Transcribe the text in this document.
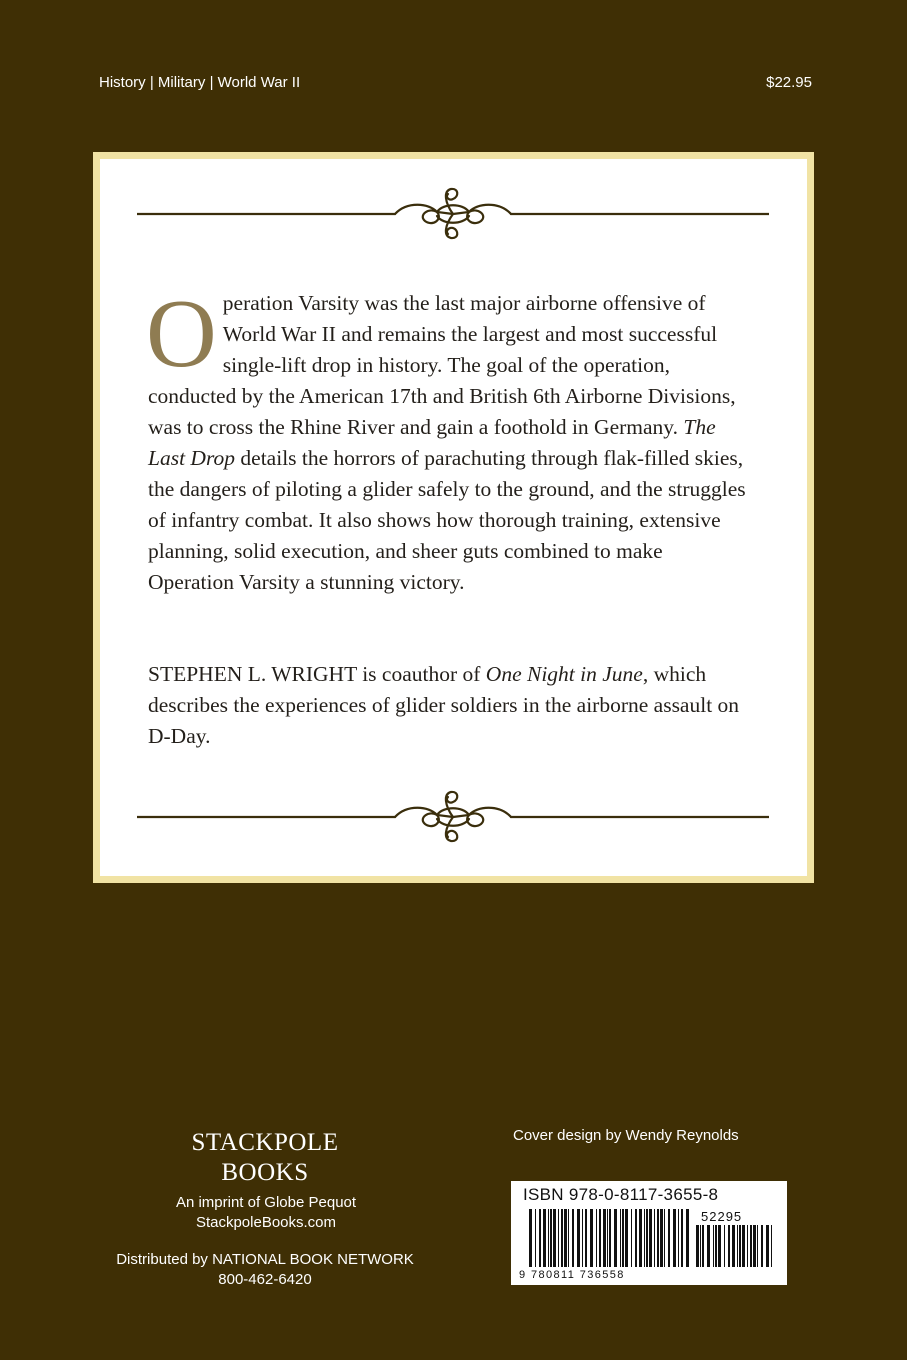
History | Military | World War II	$22.95

Operation Varsity was the last major airborne offensive of World War II and remains the largest and most successful single-lift drop in history. The goal of the operation, conducted by the American 17th and British 6th Airborne Divisions, was to cross the Rhine River and gain a foothold in Germany. The Last Drop details the horrors of parachuting through flak-filled skies, the dangers of piloting a glider safely to the ground, and the struggles of infantry combat. It also shows how thorough training, extensive planning, solid execution, and sheer guts combined to make Operation Varsity a stunning victory.

STEPHEN L. WRIGHT is coauthor of One Night in June, which describes the experiences of glider soldiers in the airborne assault on D-Day.

STACKPOLE
BOOKS
An imprint of Globe Pequot
StackpoleBooks.com
Distributed by NATIONAL BOOK NETWORK
800-462-6420
Cover design by Wendy Reynolds
ISBN 978-0-8117-3655-8
52295
9 780811 736558
